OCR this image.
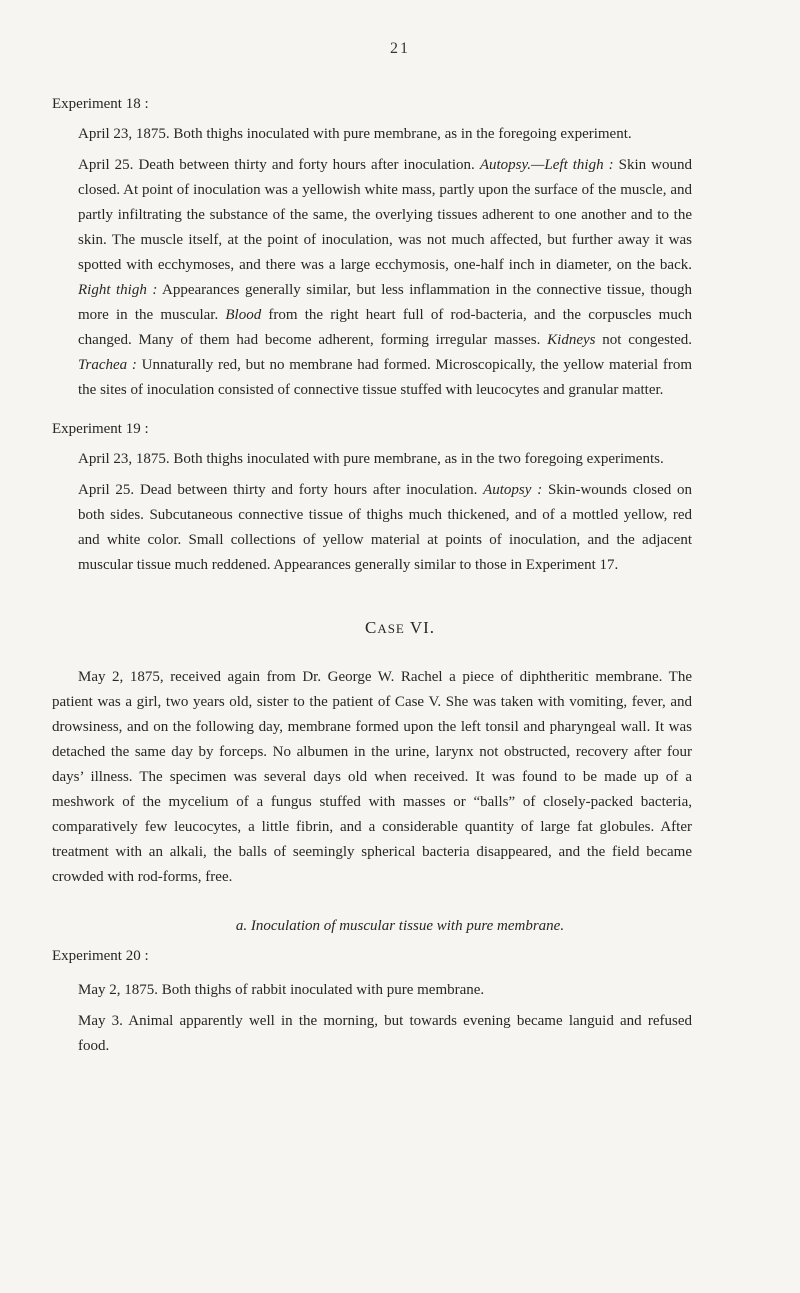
21

Experiment 18 :

April 23, 1875. Both thighs inoculated with pure membrane, as in the foregoing experiment.

April 25. Death between thirty and forty hours after inoculation. Autopsy.—Left thigh : Skin wound closed. At point of inoculation was a yellowish white mass, partly upon the surface of the muscle, and partly infiltrating the substance of the same, the overlying tissues adherent to one another and to the skin. The muscle itself, at the point of inoculation, was not much affected, but further away it was spotted with ecchymoses, and there was a large ecchymosis, one-half inch in diameter, on the back. Right thigh : Appearances generally similar, but less inflammation in the connective tissue, though more in the muscular. Blood from the right heart full of rod-bacteria, and the corpuscles much changed. Many of them had become adherent, forming irregular masses. Kidneys not congested. Trachea : Unnaturally red, but no membrane had formed. Microscopically, the yellow material from the sites of inoculation consisted of connective tissue stuffed with leucocytes and granular matter.

Experiment 19 :

April 23, 1875. Both thighs inoculated with pure membrane, as in the two foregoing experiments.

April 25. Dead between thirty and forty hours after inoculation. Autopsy : Skin-wounds closed on both sides. Subcutaneous connective tissue of thighs much thickened, and of a mottled yellow, red and white color. Small collections of yellow material at points of inoculation, and the adjacent muscular tissue much reddened. Appearances generally similar to those in Experiment 17.

CASE VI.

May 2, 1875, received again from Dr. George W. Rachel a piece of diphtheritic membrane. The patient was a girl, two years old, sister to the patient of Case V. She was taken with vomiting, fever, and drowsiness, and on the following day, membrane formed upon the left tonsil and pharyngeal wall. It was detached the same day by forceps. No albumen in the urine, larynx not obstructed, recovery after four days’ illness. The specimen was several days old when received. It was found to be made up of a meshwork of the mycelium of a fungus stuffed with masses or “balls” of closely-packed bacteria, comparatively few leucocytes, a little fibrin, and a considerable quantity of large fat globules. After treatment with an alkali, the balls of seemingly spherical bacteria disappeared, and the field became crowded with rod-forms, free.

a. Inoculation of muscular tissue with pure membrane.

Experiment 20 :

May 2, 1875. Both thighs of rabbit inoculated with pure membrane.

May 3. Animal apparently well in the morning, but towards evening became languid and refused food.
